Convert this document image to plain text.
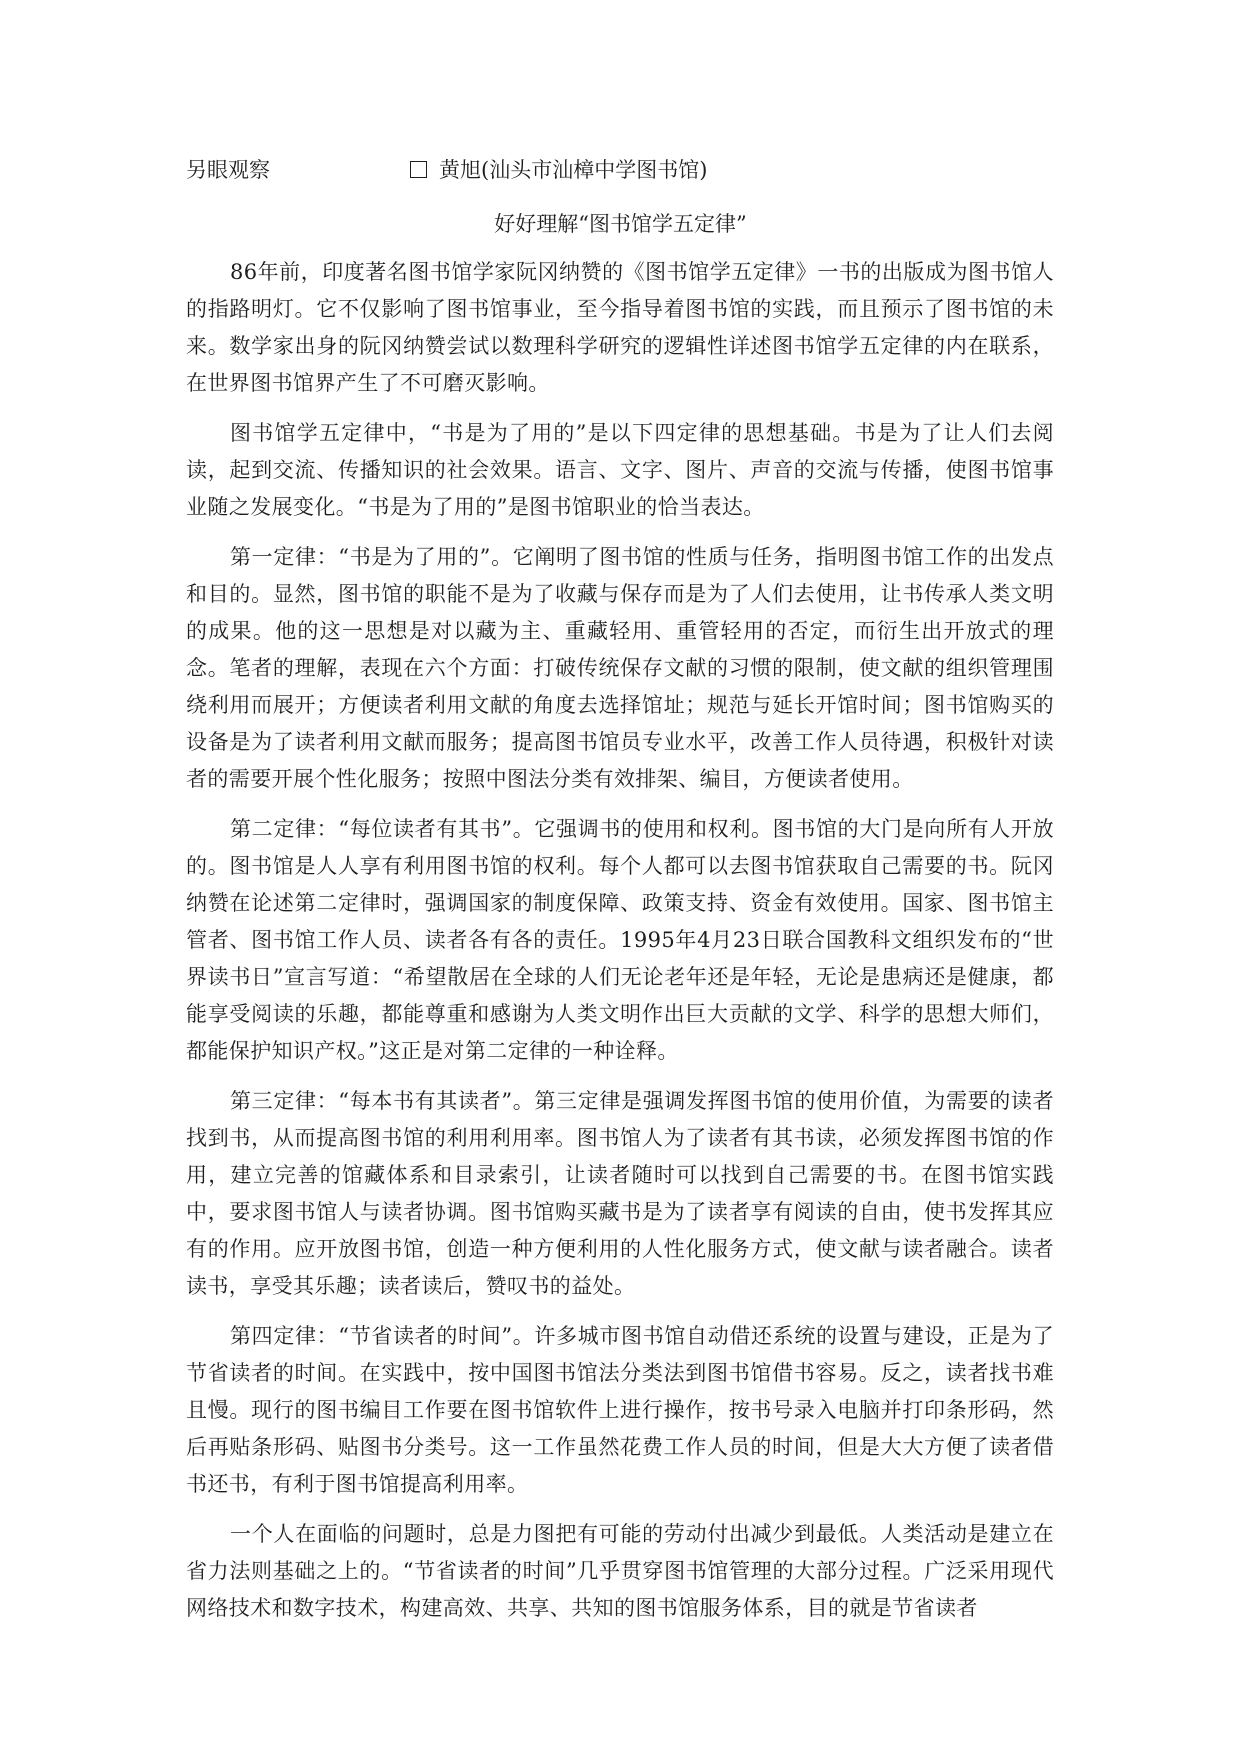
另眼观察	黄旭(汕头市汕樟中学图书馆)
好好理解“图书馆学五定律”

86年前，印度著名图书馆学家阮冈纳赞的《图书馆学五定律》一书的出版成为图书馆人的指路明灯。它不仅影响了图书馆事业，至今指导着图书馆的实践，而且预示了图书馆的未来。数学家出身的阮冈纳赞尝试以数理科学研究的逻辑性详述图书馆学五定律的内在联系，在世界图书馆界产生了不可磨灭影响。

图书馆学五定律中，“书是为了用的”是以下四定律的思想基础。书是为了让人们去阅读，起到交流、传播知识的社会效果。语言、文字、图片、声音的交流与传播，使图书馆事业随之发展变化。“书是为了用的”是图书馆职业的恰当表达。

第一定律：“书是为了用的”。它阐明了图书馆的性质与任务，指明图书馆工作的出发点和目的。显然，图书馆的职能不是为了收藏与保存而是为了人们去使用，让书传承人类文明的成果。他的这一思想是对以藏为主、重藏轻用、重管轻用的否定，而衍生出开放式的理念。笔者的理解，表现在六个方面：打破传统保存文献的习惯的限制，使文献的组织管理围绕利用而展开；方便读者利用文献的角度去选择馆址；规范与延长开馆时间；图书馆购买的设备是为了读者利用文献而服务；提高图书馆员专业水平，改善工作人员待遇，积极针对读者的需要开展个性化服务；按照中图法分类有效排架、编目，方便读者使用。

第二定律：“每位读者有其书”。它强调书的使用和权利。图书馆的大门是向所有人开放的。图书馆是人人享有利用图书馆的权利。每个人都可以去图书馆获取自己需要的书。阮冈纳赞在论述第二定律时，强调国家的制度保障、政策支持、资金有效使用。国家、图书馆主管者、图书馆工作人员、读者各有各的责任。1995年4月23日联合国教科文组织发布的“世界读书日”宣言写道：“希望散居在全球的人们无论老年还是年轻，无论是患病还是健康，都能享受阅读的乐趣，都能尊重和感谢为人类文明作出巨大贡献的文学、科学的思想大师们，都能保护知识产权。”这正是对第二定律的一种诠释。

第三定律：“每本书有其读者”。第三定律是强调发挥图书馆的使用价值，为需要的读者找到书，从而提高图书馆的利用利用率。图书馆人为了读者有其书读，必须发挥图书馆的作用，建立完善的馆藏体系和目录索引，让读者随时可以找到自己需要的书。在图书馆实践中，要求图书馆人与读者协调。图书馆购买藏书是为了读者享有阅读的自由，使书发挥其应有的作用。应开放图书馆，创造一种方便利用的人性化服务方式，使文献与读者融合。读者读书，享受其乐趣；读者读后，赞叹书的益处。

第四定律：“节省读者的时间”。许多城市图书馆自动借还系统的设置与建设，正是为了节省读者的时间。在实践中，按中国图书馆法分类法到图书馆借书容易。反之，读者找书难且慢。现行的图书编目工作要在图书馆软件上进行操作，按书号录入电脑并打印条形码，然后再贴条形码、贴图书分类号。这一工作虽然花费工作人员的时间，但是大大方便了读者借书还书，有利于图书馆提高利用率。

一个人在面临的问题时，总是力图把有可能的劳动付出减少到最低。人类活动是建立在省力法则基础之上的。“节省读者的时间”几乎贯穿图书馆管理的大部分过程。广泛采用现代网络技术和数字技术，构建高效、共享、共知的图书馆服务体系，目的就是节省读者
